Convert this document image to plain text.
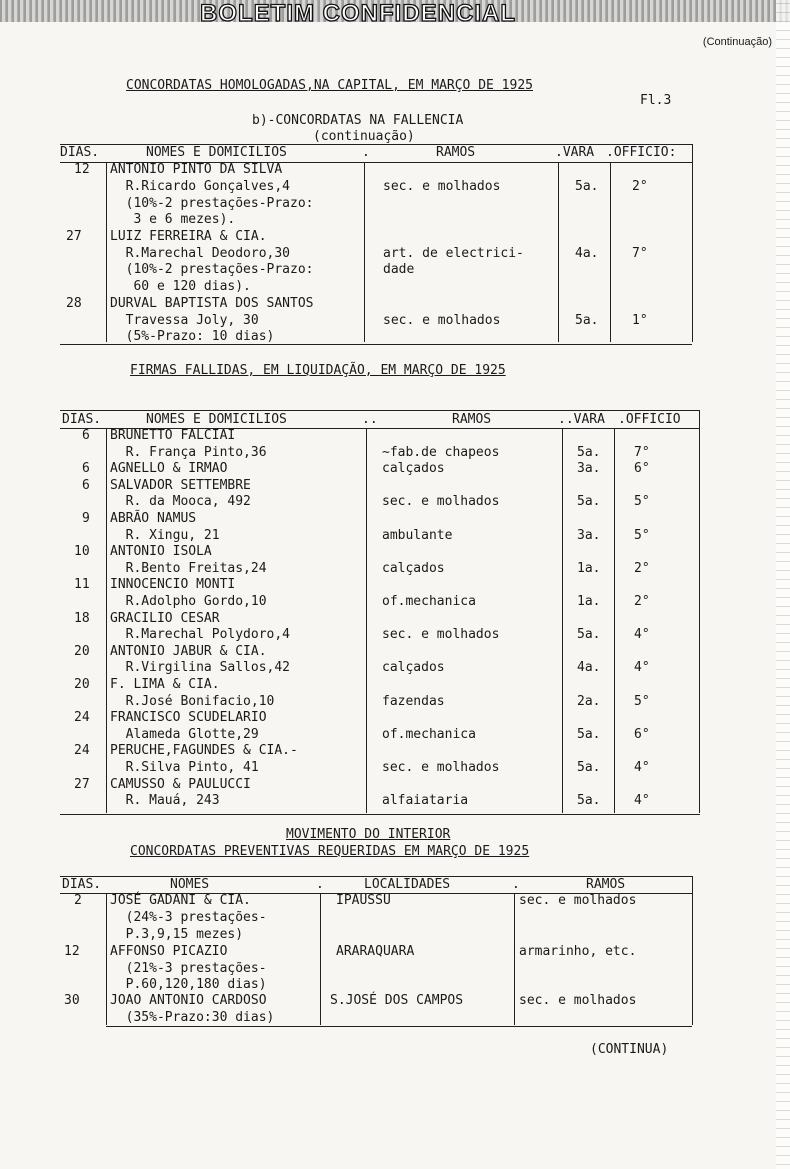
BOLETIM CONFIDENCIAL
(Continuação)
CONCORDATAS HOMOLOGADAS,NA CAPITAL, EM MARÇO DE 1925
Fl.3
b)-CONCORDATAS NA FALLENCIA
(continuação)
DIAS.	NOMES E DOMICILIOS	.	RAMOS	.VARA .OFFICIO:
12 ANTONIO PINTO DA SILVA
R.Ricardo Gonçalves,4
(10%-2 prestações-Prazo:
3 e 6 mezes).
sec. e molhados	5a.	2°
27 LUIZ FERREIRA & CIA.
R.Marechal Deodoro,30
(10%-2 prestações-Prazo:
60 e 120 dias).
art. de electrici-
dade
4a.	7°
28 DURVAL BAPTISTA DOS SANTOS
Travessa Joly, 30
(5%-Prazo: 10 dias)
sec. e molhados	5a.	1°
FIRMAS FALLIDAS, EM LIQUIDAÇÃO, EM MARÇO DE 1925
DIAS.	NOMES E DOMICILIOS	..	RAMOS	..VARA .OFFICIO
6 BRUNETTO FALCIAI
R. França Pinto,36	~fab.de chapeos	5a.	7°
6 AGNELLO & IRMAO	calçados	3a.	6°
6 SALVADOR SETTEMBRE
R. da Mooca, 492	sec. e molhados	5a.	5°
9 ABRÃO NAMUS
R. Xingu, 21	ambulante	3a.	5°
10 ANTONIO ISOLA
R.Bento Freitas,24	calçados	1a.	2°
11 INNOCENCIO MONTI
R.Adolpho Gordo,10	of.mechanica	1a.	2°
18 GRACILIO CESAR
R.Marechal Polydoro,4	sec. e molhados	5a.	4°
20 ANTONIO JABUR & CIA.
R.Virgilina Sallos,42	calçados	4a.	4°
20 F. LIMA & CIA.
R.José Bonifacio,10	fazendas	2a.	5°
24 FRANCISCO SCUDELARIO
Alameda Glotte,29	of.mechanica	5a.	6°
24 PERUCHE,FAGUNDES & CIA.-
R.Silva Pinto, 41	sec. e molhados	5a.	4°
27 CAMUSSO & PAULUCCI
R. Mauá, 243	alfaiataria	5a.	4°
MOVIMENTO DO INTERIOR
CONCORDATAS PREVENTIVAS REQUERIDAS EM MARÇO DE 1925
DIAS.	NOMES	.	LOCALIDADES	.	RAMOS
2 JOSÉ GADANI & CIA.
(24%-3 prestações-
P.3,9,15 mezes)
IPAUSSU	sec. e molhados
12 AFFONSO PICAZIO
(21%-3 prestações-
P.60,120,180 dias)
ARARAQUARA	armarinho, etc.
30 JOAO ANTONIO CARDOSO
(35%-Prazo:30 dias)
S.JOSÉ DOS CAMPOS	sec. e molhados
(CONTINUA)
